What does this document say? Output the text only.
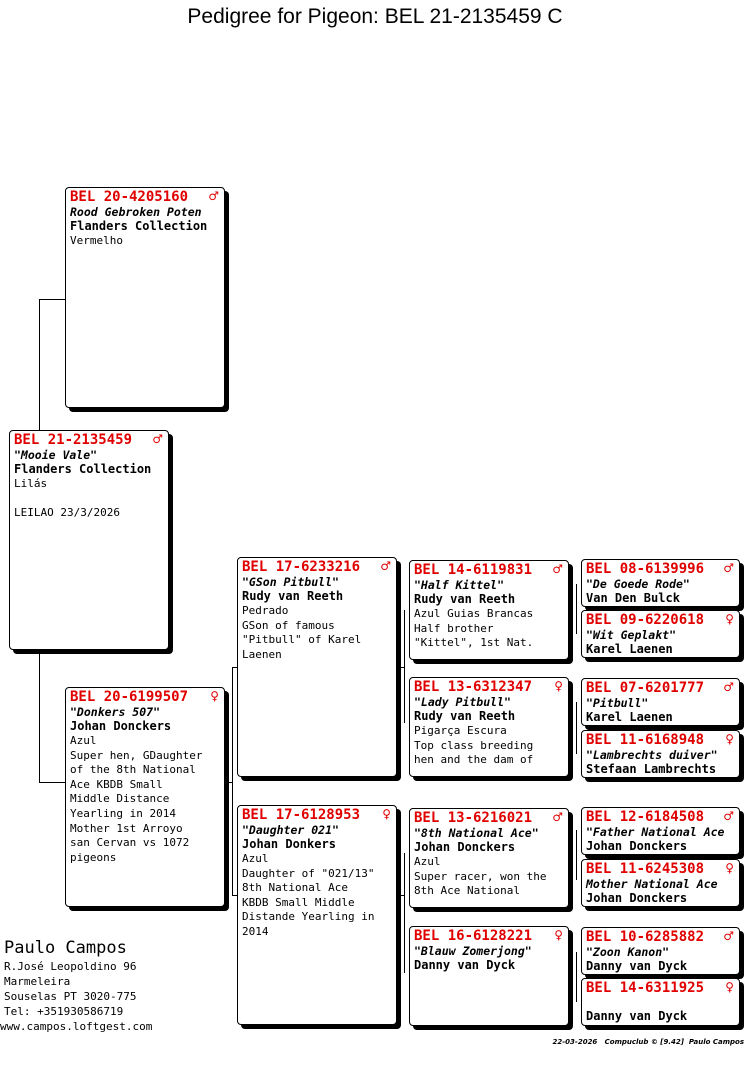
Pedigree for Pigeon: BEL 21-2135459 C
BEL 21-2135459	♂
"Mooie Vale"
Flanders Collection
Lilás

LEILAO 23/3/2026
BEL 20-4205160	♂
Rood Gebroken Poten
Flanders Collection
Vermelho
BEL 20-6199507	♀
"Donkers 507"
Johan Donckers
Azul
Super hen, GDaughter
of the 8th National
Ace KBDB Small
Middle Distance
Yearling in 2014
Mother 1st Arroyo
san Cervan vs 1072
pigeons
BEL 17-6233216	♂
"GSon Pitbull"
Rudy van Reeth
Pedrado
GSon of famous
"Pitbull" of Karel
Laenen
BEL 17-6128953	♀
"Daughter 021"
Johan Donkers
Azul
Daughter of "021/13"
8th National Ace
KBDB Small Middle
Distande Yearling in
2014
BEL 14-6119831	♂
"Half Kittel"
Rudy van Reeth
Azul Guias Brancas
Half brother
"Kittel", 1st Nat.
BEL 13-6312347	♀
"Lady Pitbull"
Rudy van Reeth
Pigarça Escura
Top class breeding
hen and the dam of
BEL 13-6216021	♂
"8th National Ace"
Johan Donckers
Azul
Super racer, won the
8th Ace National
BEL 16-6128221	♀
"Blauw Zomerjong"
Danny van Dyck
BEL 08-6139996	♂
"De Goede Rode"
Van Den Bulck
BEL 09-6220618	♀
"Wit Geplakt"
Karel Laenen
BEL 07-6201777	♂
"Pitbull"
Karel Laenen
BEL 11-6168948	♀
"Lambrechts duiver"
Stefaan Lambrechts
BEL 12-6184508	♂
"Father National Ace
Johan Donckers
BEL 11-6245308	♀
Mother National Ace
Johan Donckers
BEL 10-6285882	♂
"Zoon Kanon"
Danny van Dyck
BEL 14-6311925	♀
Danny van Dyck
Paulo Campos
R.José Leopoldino 96
Marmeleira
Souselas PT 3020-775
Tel: +351930586719
www.campos.loftgest.com
22-03-2026   Compuclub © [9.42]  Paulo Campos
